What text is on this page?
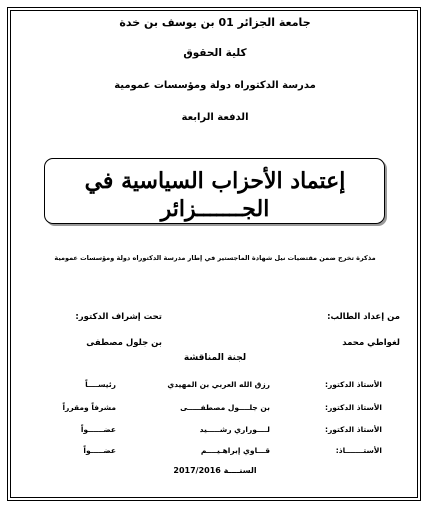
جامعة الجزائر 01 بن يوسف بن خدة
كلية الحقوق
مدرسة الدكتوراه دولة ومؤسسات عمومية
الدفعة الرابعة
إعتماد الأحزاب السياسية في
الجـــــــزائر
مذكرة تخرج ضمن مقتضيات نيل شهادة الماجستير في إطار مدرسة الدكتوراه دولة ومؤسسات عمومية
من إعداد الطالب:
لغواطي محمد
تحت إشراف الدكتور:
بن جلول مصطفى
لجنة المناقشة
الأستاذ الدكتور:
رزق الله العربي بن المهيدي
رئيســــاً
الأستاذ الدكتور:
بن جلــــول مصطفـــــى
مشرفاً ومقرراً
الأستاذ الدكتور:
لــــوراري رشـــــيد
عضــــــواً
الأستـــــــاذ:
قـــاوي إبراهـيــــم
عضـــــواً
السنــــة 2017/2016
